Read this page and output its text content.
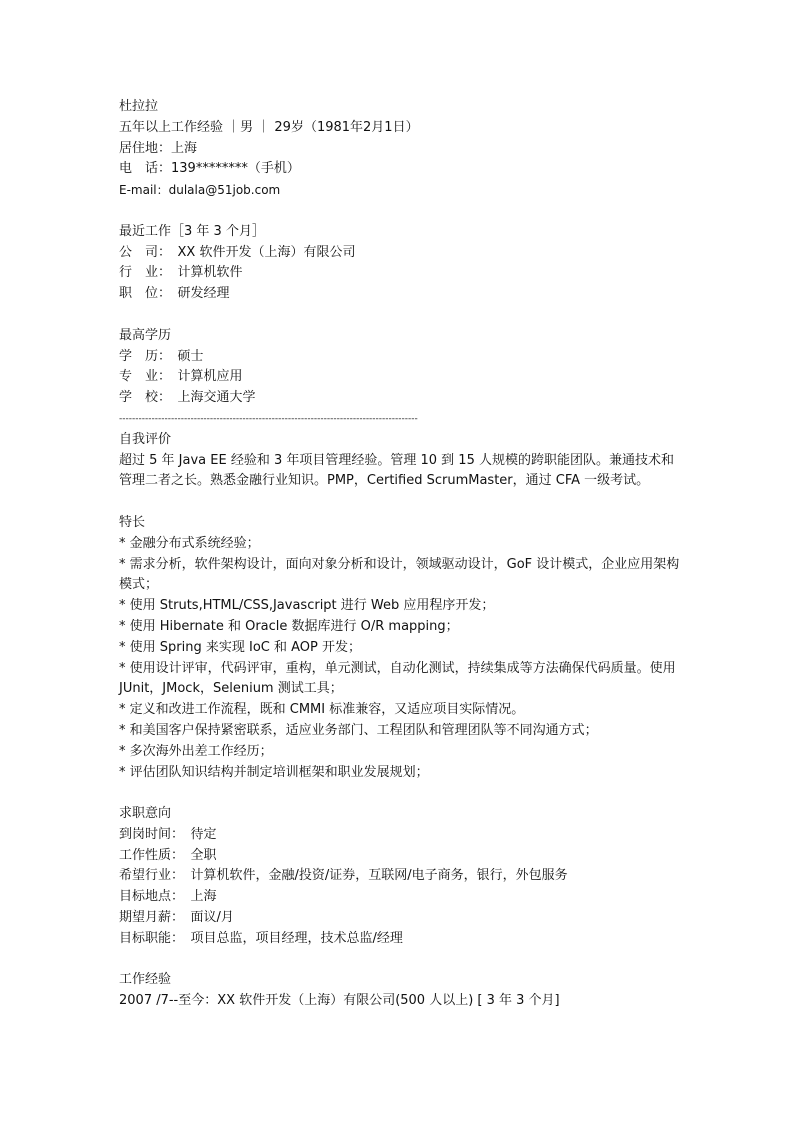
杜拉拉
五年以上工作经验 ｜男 ｜ 29岁（1981年2月1日）
居住地：上海
电　话：139********（手机）
E-mail：dulala@51job.com
最近工作［3 年 3 个月］
公　司：　XX 软件开发（上海）有限公司
行　业：　计算机软件
职　位：　研发经理
最高学历
学　历：　硕士
专　业：　计算机应用
学　校：　上海交通大学
--------------------------------------------------------------------------------------------
自我评价
超过 5 年 Java EE 经验和 3 年项目管理经验。管理 10 到 15 人规模的跨职能团队。兼通技术和管理二者之长。熟悉金融行业知识。PMP，Certified ScrumMaster，通过 CFA 一级考试。
特长
* 金融分布式系统经验；
* 需求分析，软件架构设计，面向对象分析和设计，领域驱动设计，GoF 设计模式，企业应用架构模式；
* 使用 Struts,HTML/CSS,Javascript 进行 Web 应用程序开发；
* 使用 Hibernate 和 Oracle 数据库进行 O/R mapping；
* 使用 Spring 来实现 IoC 和 AOP 开发；
* 使用设计评审，代码评审，重构，单元测试，自动化测试，持续集成等方法确保代码质量。使用 JUnit，JMock，Selenium 测试工具；
* 定义和改进工作流程，既和 CMMI 标准兼容，又适应项目实际情况。
* 和美国客户保持紧密联系，适应业务部门、工程团队和管理团队等不同沟通方式；
* 多次海外出差工作经历；
* 评估团队知识结构并制定培训框架和职业发展规划；
求职意向
到岗时间：　待定
工作性质：　全职
希望行业：　计算机软件，金融/投资/证券，互联网/电子商务，银行，外包服务
目标地点：　上海
期望月薪：　面议/月
目标职能：　项目总监，项目经理，技术总监/经理
工作经验
2007 /7--至今：XX 软件开发（上海）有限公司(500 人以上) [ 3 年 3 个月]
